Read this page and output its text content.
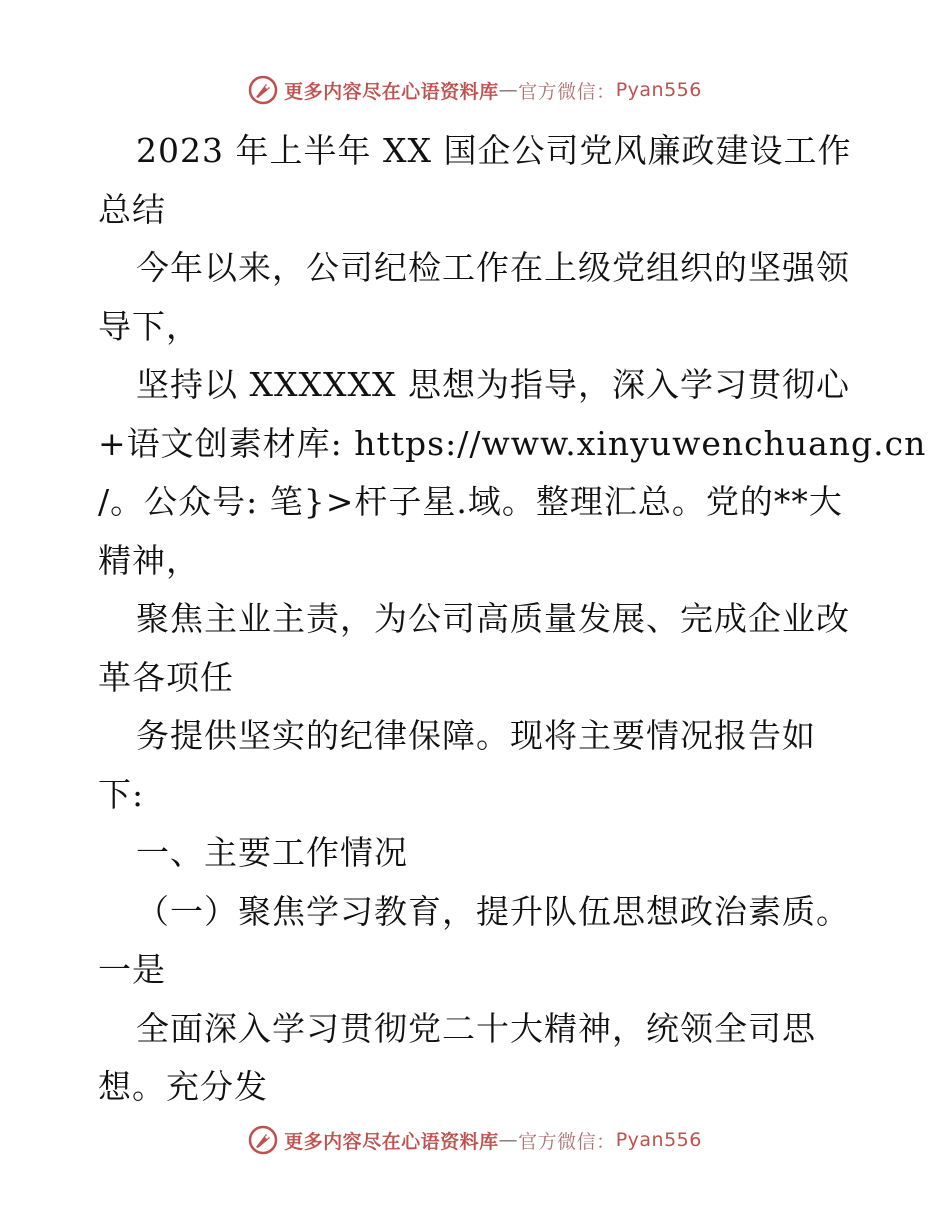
更多内容尽在心语资料库 — 官方微信： Pyan556
2023 年上半年 XX 国企公司党风廉政建设工作
总结
今年以来，公司纪检工作在上级党组织的坚强领
导下，
坚持以 XXXXXX 思想为指导，深入学习贯彻心
+语文创素材库: https://www.xinyuwenchuang.cn
/。公众号: 笔}>杆子星.域。整理汇总。党的**大
精神，
聚焦主业主责，为公司高质量发展、完成企业改
革各项任
务提供坚实的纪律保障。现将主要情况报告如
下:
一、主要工作情况
（一）聚焦学习教育，提升队伍思想政治素质。
一是
全面深入学习贯彻党二十大精神，统领全司思
想。充分发
更多内容尽在心语资料库 — 官方微信： Pyan556
